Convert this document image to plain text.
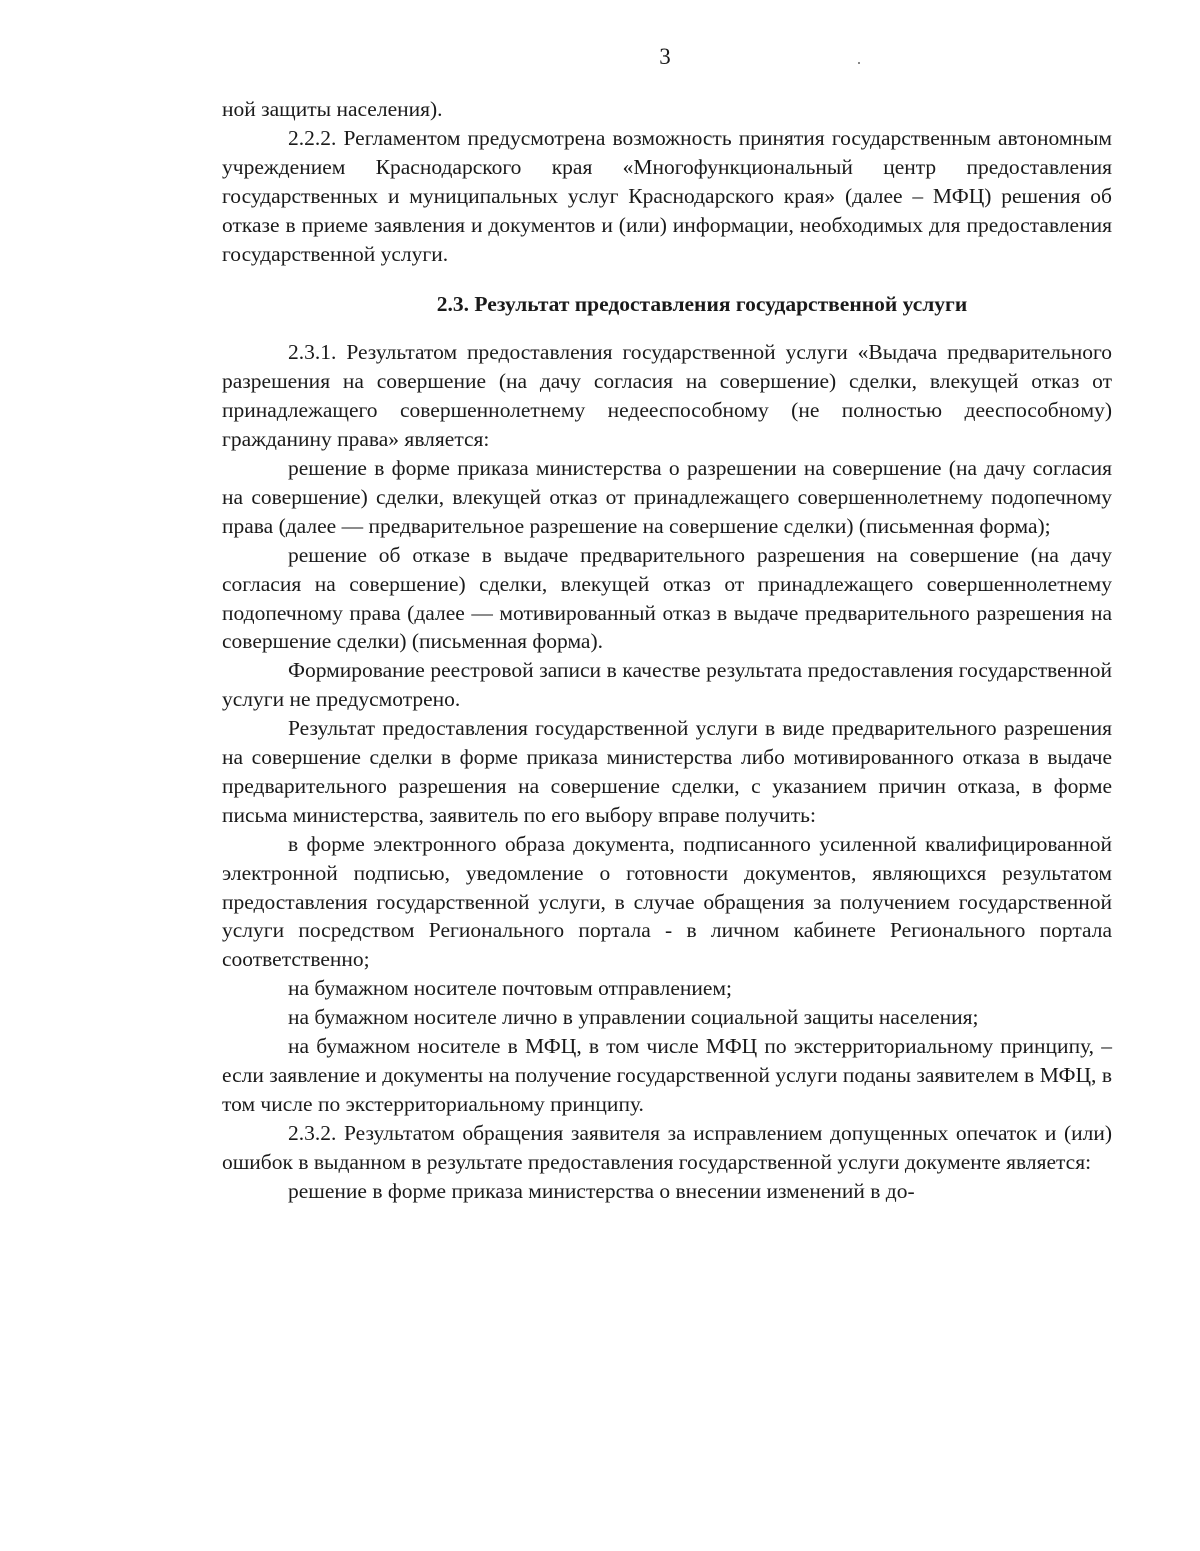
3

ной защиты населения).

2.2.2. Регламентом предусмотрена возможность принятия государственным автономным учреждением Краснодарского края «Многофункциональный центр предоставления государственных и муниципальных услуг Краснодарского края» (далее – МФЦ) решения об отказе в приеме заявления и документов и (или) информации, необходимых для предоставления государственной услуги.

2.3. Результат предоставления государственной услуги

2.3.1. Результатом предоставления государственной услуги «Выдача предварительного разрешения на совершение (на дачу согласия на совершение) сделки, влекущей отказ от принадлежащего совершеннолетнему недееспособному (не полностью дееспособному) гражданину права» является:

решение в форме приказа министерства о разрешении на совершение (на дачу согласия на совершение) сделки, влекущей отказ от принадлежащего совершеннолетнему подопечному права (далее — предварительное разрешение на совершение сделки) (письменная форма);

решение об отказе в выдаче предварительного разрешения на совершение (на дачу согласия на совершение) сделки, влекущей отказ от принадлежащего совершеннолетнему подопечному права (далее — мотивированный отказ в выдаче предварительного разрешения на совершение сделки) (письменная форма).

Формирование реестровой записи в качестве результата предоставления государственной услуги не предусмотрено.

Результат предоставления государственной услуги в виде предварительного разрешения на совершение сделки в форме приказа министерства либо мотивированного отказа в выдаче предварительного разрешения на совершение сделки, с указанием причин отказа, в форме письма министерства, заявитель по его выбору вправе получить:

в форме электронного образа документа, подписанного усиленной квалифицированной электронной подписью, уведомление о готовности документов, являющихся результатом предоставления государственной услуги, в случае обращения за получением государственной услуги посредством Регионального портала - в личном кабинете Регионального портала соответственно;

на бумажном носителе почтовым отправлением;

на бумажном носителе лично в управлении социальной защиты населения;

на бумажном носителе в МФЦ, в том числе МФЦ по экстерриториальному принципу, – если заявление и документы на получение государственной услуги поданы заявителем в МФЦ, в том числе по экстерриториальному принципу.

2.3.2. Результатом обращения заявителя за исправлением допущенных опечаток и (или) ошибок в выданном в результате предоставления государственной услуги документе является:

решение в форме приказа министерства о внесении изменений в до-
